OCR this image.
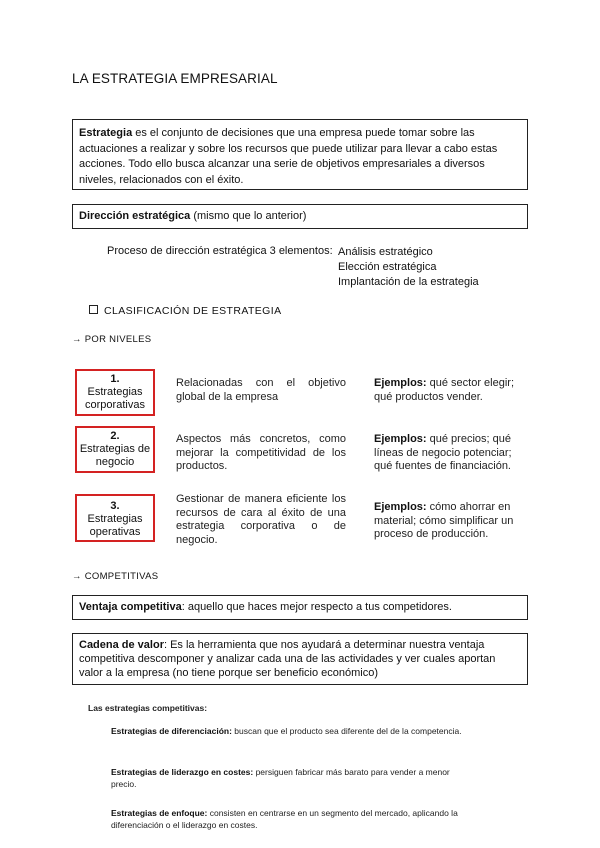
LA ESTRATEGIA EMPRESARIAL
Estrategia es el conjunto de decisiones que una empresa puede tomar sobre las actuaciones a realizar y sobre los recursos que puede utilizar para llevar a cabo estas acciones. Todo ello busca alcanzar una serie de objetivos empresariales a diversos niveles, relacionados con el éxito.
Dirección estratégica (mismo que lo anterior)
Proceso de dirección estratégica 3 elementos: Análisis estratégico
Elección estratégica
Implantación de la estrategia
CLASIFICACIÓN DE ESTRATEGIA
→ POR NIVELES
1.
Estrategias corporativas
Relacionadas con el objetivo global de la empresa
Ejemplos: qué sector elegir; qué productos vender.
2.
Estrategias de negocio
Aspectos más concretos, como mejorar la competitividad de los productos.
Ejemplos: qué precios; qué líneas de negocio potenciar; qué fuentes de financiación.
3.
Estrategias operativas
Gestionar de manera eficiente los recursos de cara al éxito de una estrategia corporativa o de negocio.
Ejemplos: cómo ahorrar en material; cómo simplificar un proceso de producción.
→ COMPETITIVAS
Ventaja competitiva: aquello que haces mejor respecto a tus competidores.
Cadena de valor: Es la herramienta que nos ayudará a determinar nuestra ventaja competitiva descomponer y analizar cada una de las actividades y ver cuales aportan valor a la empresa (no tiene porque ser beneficio económico)
Las estrategias competitivas:
Estrategias de diferenciación: buscan que el producto sea diferente del de la competencia.
Estrategias de liderazgo en costes: persiguen fabricar más barato para vender a menor precio.
Estrategias de enfoque: consisten en centrarse en un segmento del mercado, aplicando la diferenciación o el liderazgo en costes.
